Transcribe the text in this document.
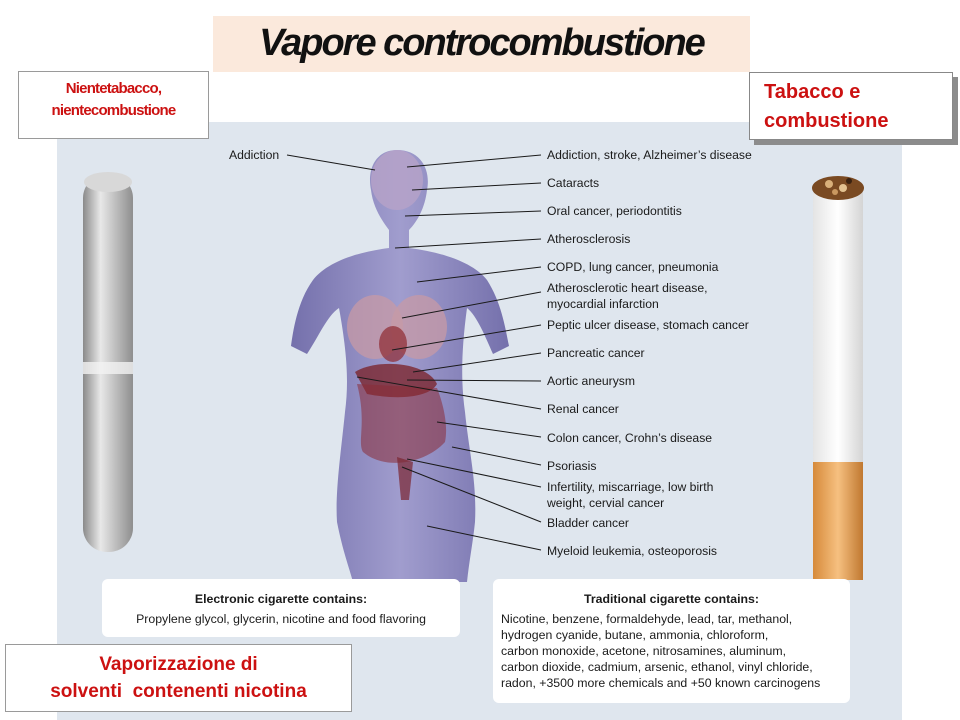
Addiction	Addiction, stroke, Alzheimer’s disease
Cataracts
Oral cancer, periodontitis
Atherosclerosis
COPD, lung cancer, pneumonia
Atherosclerotic heart disease,
myocardial infarction
Peptic ulcer disease, stomach cancer
Pancreatic cancer
Aortic aneurysm
Renal cancer
Colon cancer, Crohn’s disease
Psoriasis
Infertility, miscarriage, low birth
weight, cervial cancer
Bladder cancer
Myeloid leukemia, osteoporosis
Electronic cigarette contains:
Propylene glycol, glycerin, nicotine and food flavoring
Traditional cigarette contains:
Nicotine, benzene, formaldehyde, lead, tar, methanol,
hydrogen cyanide, butane, ammonia, chloroform,
carbon monoxide, acetone, nitrosamines, aluminum,
carbon dioxide, cadmium, arsenic, ethanol, vinyl chloride,
radon, +3500 more chemicals and +50 known carcinogens
Vapore controcombustione
Nientetabacco,
nientecombustione
Tabacco e
combustione
Vaporizzazione di
solventi  contenenti nicotina
